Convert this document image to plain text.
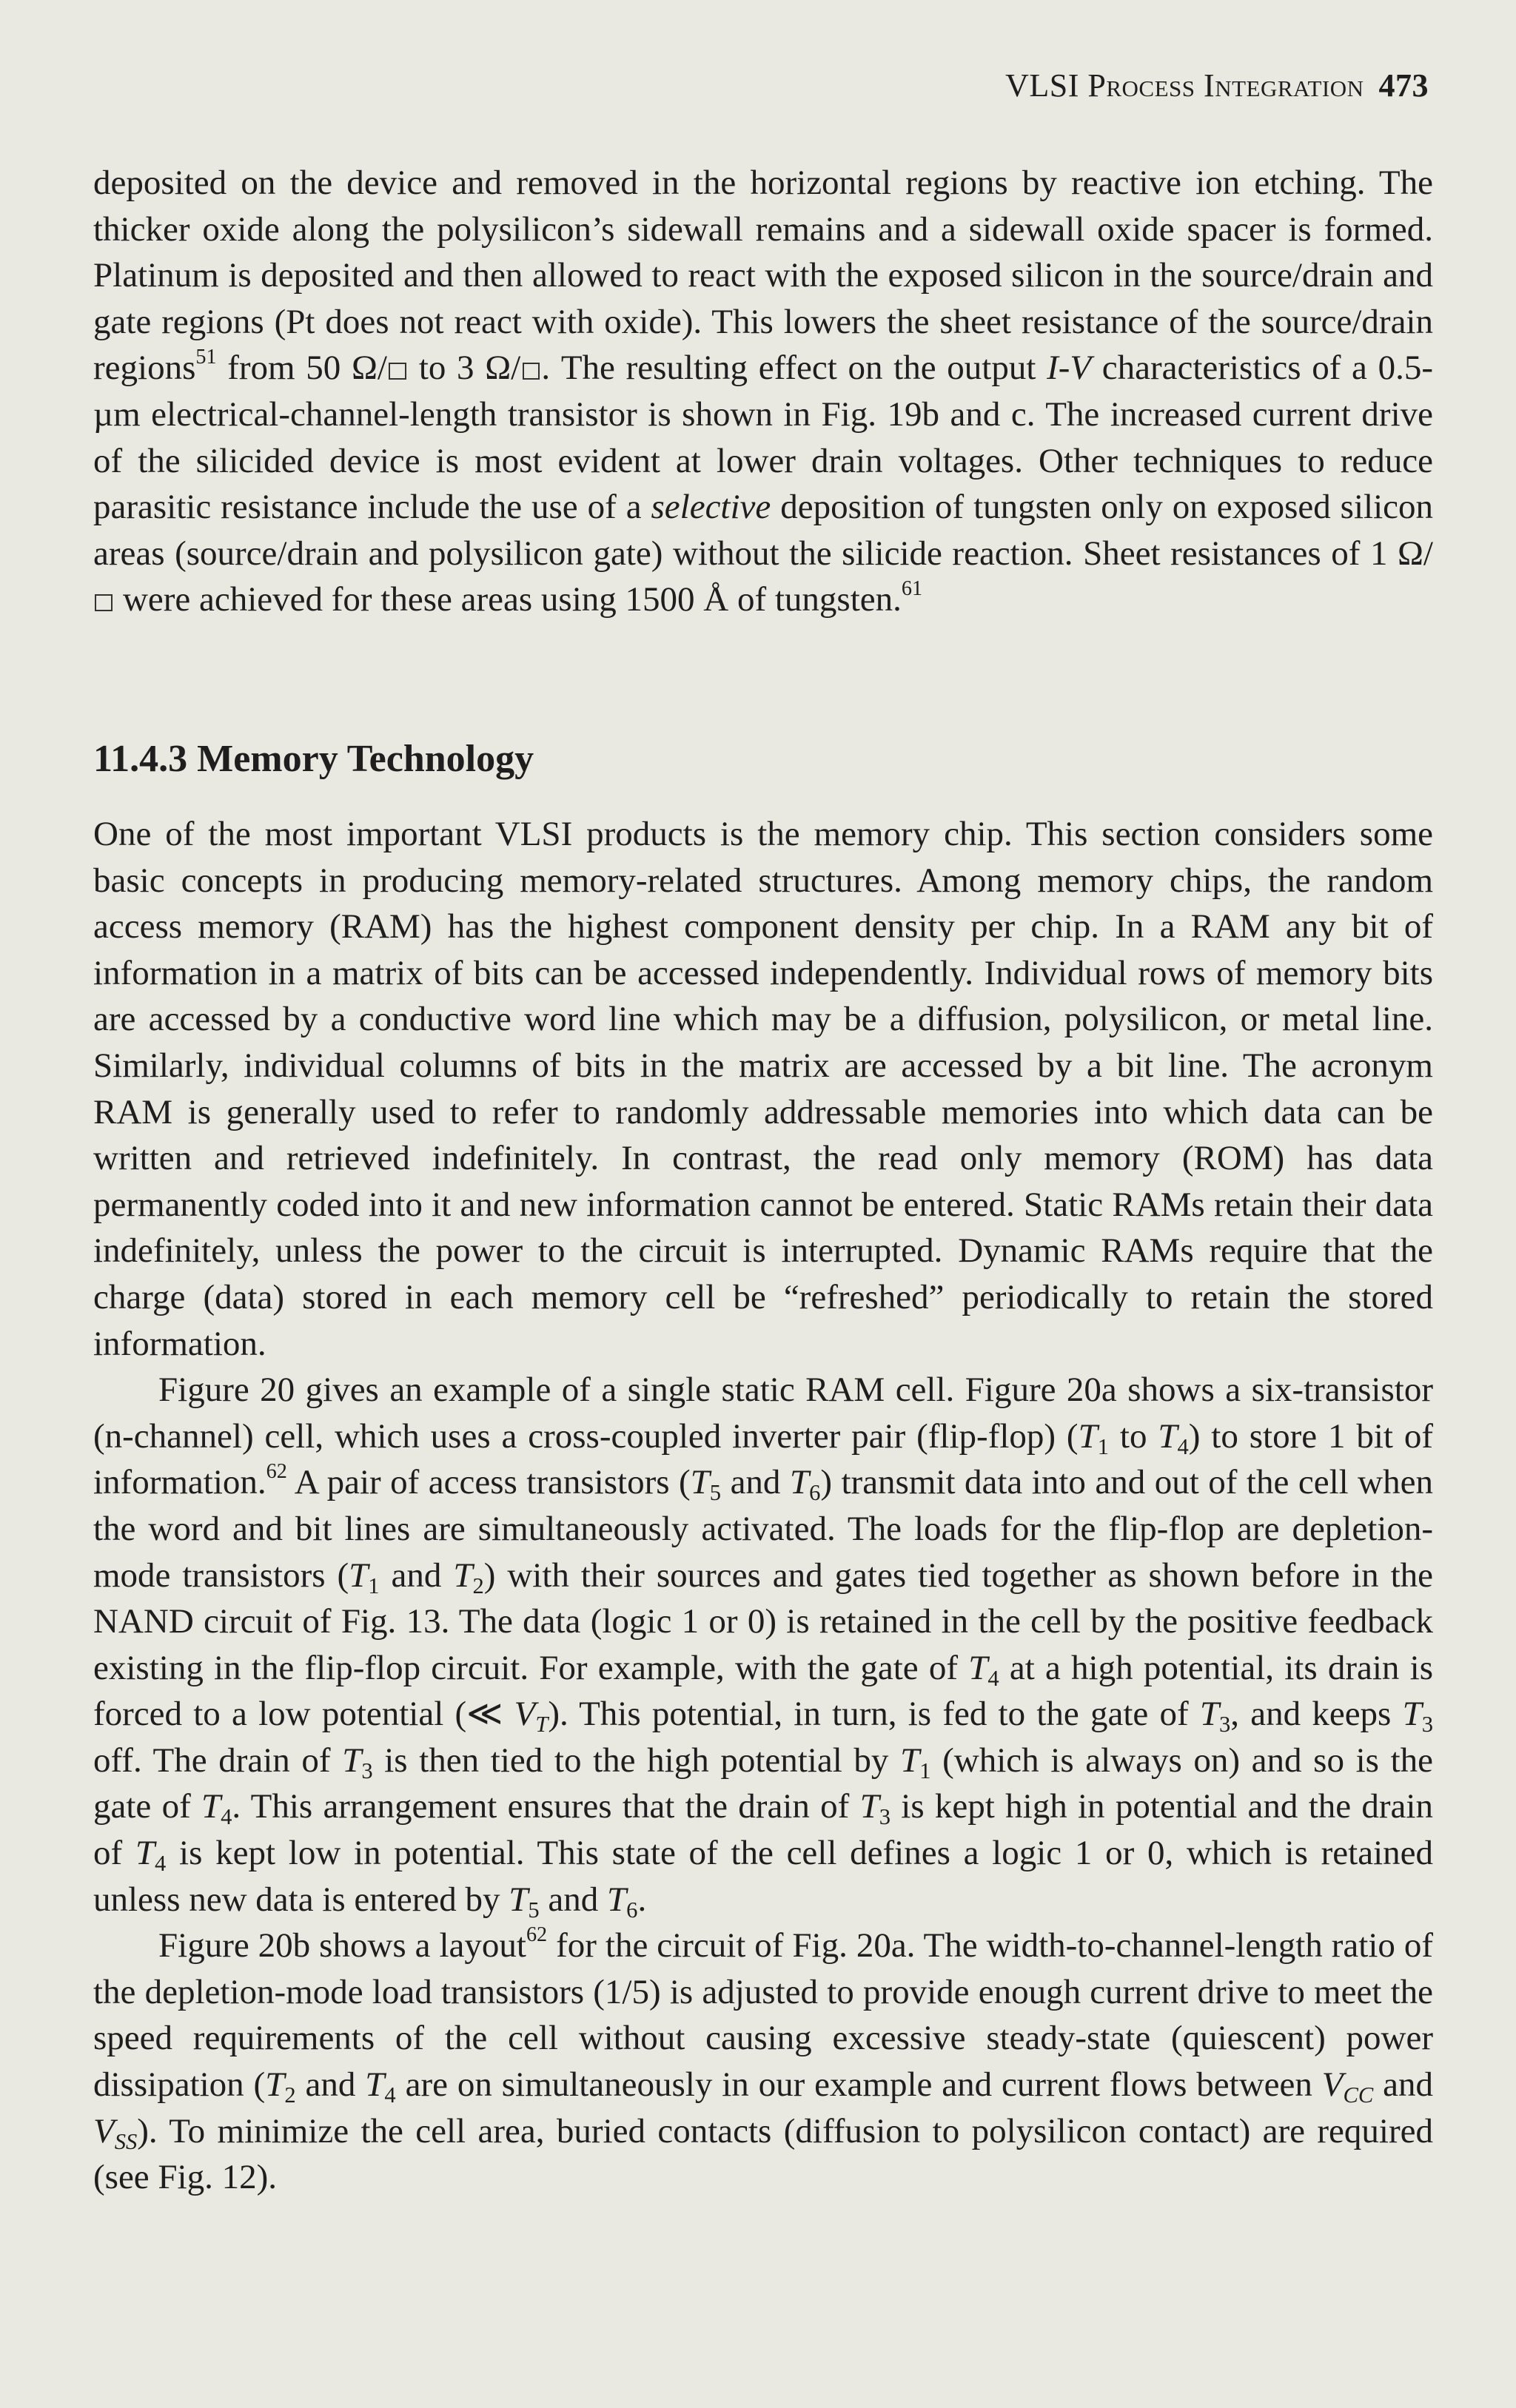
VLSI Process Integration 473

deposited on the device and removed in the horizontal regions by reactive ion etching. The thicker oxide along the polysilicon’s sidewall remains and a sidewall oxide spacer is formed. Platinum is deposited and then allowed to react with the exposed silicon in the source/drain and gate regions (Pt does not react with oxide). This lowers the sheet resistance of the source/drain regions$^{51}$ from 50 Ω/ to 3 Ω/ . The resulting effect on the output I-V characteristics of a 0.5-µm electrical-channel-length transistor is shown in Fig. 19b and c. The increased current drive of the silicided device is most evident at lower drain voltages. Other techniques to reduce parasitic resistance include the use of a selective deposition of tungsten only on exposed silicon areas (source/drain and polysilicon gate) without the silicide reaction. Sheet resistances of 1 Ω/ were achieved for these areas using 1500 Å of tungsten.$^{61}$

11.4.3 Memory Technology

One of the most important VLSI products is the memory chip. This section considers some basic concepts in producing memory-related structures. Among memory chips, the random access memory (RAM) has the highest component density per chip. In a RAM any bit of information in a matrix of bits can be accessed independently. Individual rows of memory bits are accessed by a conductive word line which may be a diffusion, polysilicon, or metal line. Similarly, individual columns of bits in the matrix are accessed by a bit line. The acronym RAM is generally used to refer to randomly addressable memories into which data can be written and retrieved indefinitely. In contrast, the read only memory (ROM) has data permanently coded into it and new information cannot be entered. Static RAMs retain their data indefinitely, unless the power to the circuit is interrupted. Dynamic RAMs require that the charge (data) stored in each memory cell be “refreshed” periodically to retain the stored information.

Figure 20 gives an example of a single static RAM cell. Figure 20a shows a six-transistor (n-channel) cell, which uses a cross-coupled inverter pair (flip-flop) ($T_1$ to $T_4$) to store 1 bit of information.$^{62}$ A pair of access transistors ($T_5$ and $T_6$) transmit data into and out of the cell when the word and bit lines are simultaneously activated. The loads for the flip-flop are depletion-mode transistors ($T_1$ and $T_2$) with their sources and gates tied together as shown before in the NAND circuit of Fig. 13. The data (logic 1 or 0) is retained in the cell by the positive feedback existing in the flip-flop circuit. For example, with the gate of $T_4$ at a high potential, its drain is forced to a low potential (≪ $V_T$). This potential, in turn, is fed to the gate of $T_3$, and keeps $T_3$ off. The drain of $T_3$ is then tied to the high potential by $T_1$ (which is always on) and so is the gate of $T_4$. This arrangement ensures that the drain of $T_3$ is kept high in potential and the drain of $T_4$ is kept low in potential. This state of the cell defines a logic 1 or 0, which is retained unless new data is entered by $T_5$ and $T_6$.

Figure 20b shows a layout$^{62}$ for the circuit of Fig. 20a. The width-to-channel-length ratio of the depletion-mode load transistors (1/5) is adjusted to provide enough current drive to meet the speed requirements of the cell without causing excessive steady-state (quiescent) power dissipation ($T_2$ and $T_4$ are on simultaneously in our example and current flows between $V_{CC}$ and $V_{SS}$). To minimize the cell area, buried contacts (diffusion to polysilicon contact) are required (see Fig. 12).
